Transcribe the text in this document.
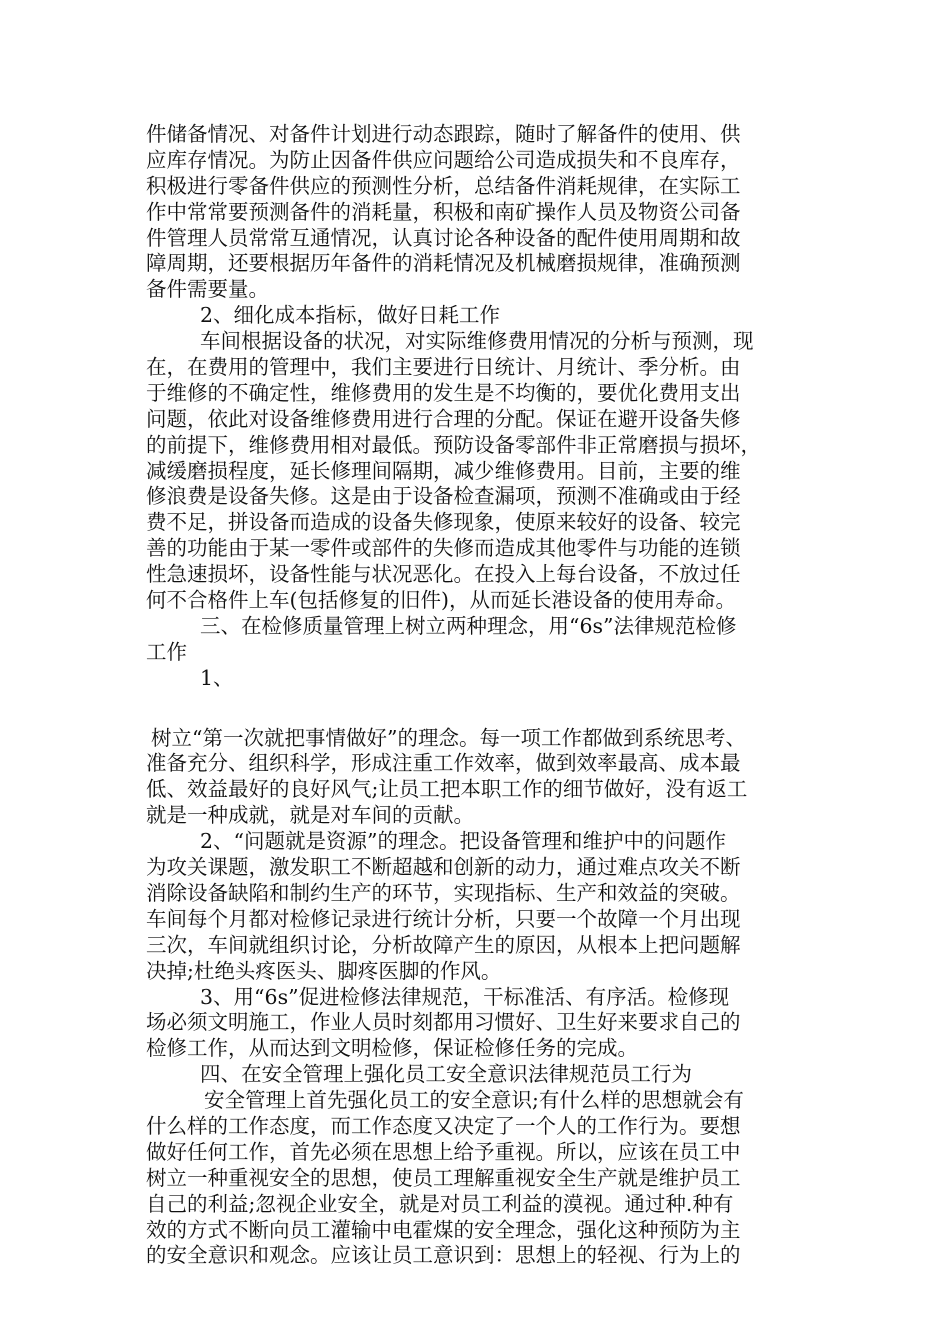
件储备情况、对备件计划进行动态跟踪，随时了解备件的使用、供
应库存情况。为防止因备件供应问题给公司造成损失和不良库存，
积极进行零备件供应的预测性分析，总结备件消耗规律，在实际工
作中常常要预测备件的消耗量，积极和南矿操作人员及物资公司备
件管理人员常常互通情况，认真讨论各种设备的配件使用周期和故
障周期，还要根据历年备件的消耗情况及机械磨损规律，准确预测
备件需要量。
2、细化成本指标，做好日耗工作
车间根据设备的状况，对实际维修费用情况的分析与预测，现
在，在费用的管理中，我们主要进行日统计、月统计、季分析。由
于维修的不确定性，维修费用的发生是不均衡的，要优化费用支出
问题，依此对设备维修费用进行合理的分配。保证在避开设备失修
的前提下，维修费用相对最低。预防设备零部件非正常磨损与损坏，
减缓磨损程度，延长修理间隔期，减少维修费用。目前，主要的维
修浪费是设备失修。这是由于设备检查漏项，预测不准确或由于经
费不足，拼设备而造成的设备失修现象，使原来较好的设备、较完
善的功能由于某一零件或部件的失修而造成其他零件与功能的连锁
性急速损坏，设备性能与状况恶化。在投入上每台设备，不放过任
何不合格件上车(包括修复的旧件)，从而延长港设备的使用寿命。
三、在检修质量管理上树立两种理念，用“6s”法律规范检修
工作
1、
树立“第一次就把事情做好”的理念。每一项工作都做到系统思考、
准备充分、组织科学，形成注重工作效率，做到效率最高、成本最
低、效益最好的良好风气;让员工把本职工作的细节做好，没有返工
就是一种成就，就是对车间的贡献。
2、“问题就是资源”的理念。把设备管理和维护中的问题作
为攻关课题，激发职工不断超越和创新的动力，通过难点攻关不断
消除设备缺陷和制约生产的环节，实现指标、生产和效益的突破。
车间每个月都对检修记录进行统计分析，只要一个故障一个月出现
三次，车间就组织讨论，分析故障产生的原因，从根本上把问题解
决掉;杜绝头疼医头、脚疼医脚的作风。
3、用“6s”促进检修法律规范，干标准活、有序活。检修现
场必须文明施工，作业人员时刻都用习惯好、卫生好来要求自己的
检修工作，从而达到文明检修，保证检修任务的完成。
四、在安全管理上强化员工安全意识法律规范员工行为
安全管理上首先强化员工的安全意识;有什么样的思想就会有
什么样的工作态度，而工作态度又决定了一个人的工作行为。要想
做好任何工作，首先必须在思想上给予重视。所以，应该在员工中
树立一种重视安全的思想，使员工理解重视安全生产就是维护员工
自己的利益;忽视企业安全，就是对员工利益的漠视。通过种.种有
效的方式不断向员工灌输中电霍煤的安全理念，强化这种预防为主
的安全意识和观念。应该让员工意识到：思想上的轻视、行为上的
